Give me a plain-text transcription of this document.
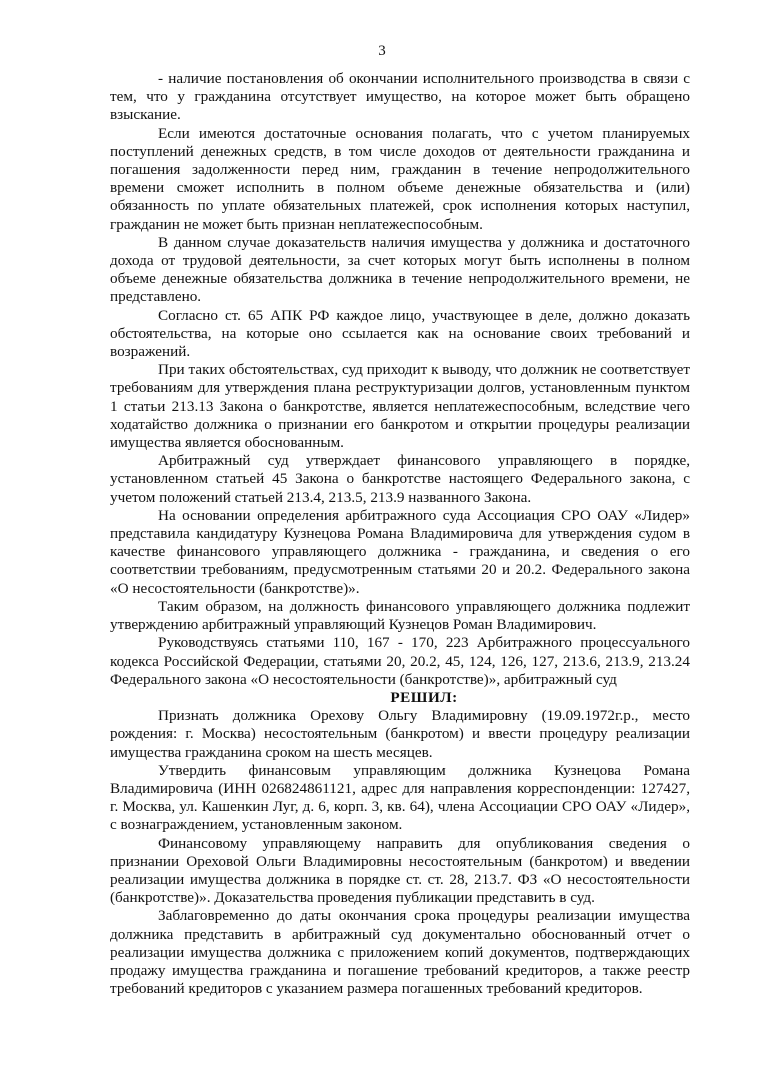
3

- наличие постановления об окончании исполнительного производства в связи с тем, что у гражданина отсутствует имущество, на которое может быть обращено взыскание.

Если имеются достаточные основания полагать, что с учетом планируемых поступлений денежных средств, в том числе доходов от деятельности гражданина и погашения задолженности перед ним, гражданин в течение непродолжительного времени сможет исполнить в полном объеме денежные обязательства и (или) обязанность по уплате обязательных платежей, срок исполнения которых наступил, гражданин не может быть признан неплатежеспособным.

В данном случае доказательств наличия имущества у должника и достаточного дохода от трудовой деятельности, за счет которых могут быть исполнены в полном объеме денежные обязательства должника в течение непродолжительного времени, не представлено.

Согласно ст. 65 АПК РФ каждое лицо, участвующее в деле, должно доказать обстоятельства, на которые оно ссылается как на основание своих требований и возражений.

При таких обстоятельствах, суд приходит к выводу, что должник не соответствует требованиям для утверждения плана реструктуризации долгов, установленным пунктом 1 статьи 213.13 Закона о банкротстве, является неплатежеспособным, вследствие чего ходатайство должника о признании его банкротом и открытии процедуры реализации имущества является обоснованным.

Арбитражный суд утверждает финансового управляющего в порядке, установленном статьей 45 Закона о банкротстве настоящего Федерального закона, с учетом положений статьей 213.4, 213.5, 213.9 названного Закона.

На основании определения арбитражного суда Ассоциация СРО ОАУ «Лидер» представила кандидатуру Кузнецова Романа Владимировича для утверждения судом в качестве финансового управляющего должника - гражданина, и сведения о его соответствии требованиям, предусмотренным статьями 20 и 20.2. Федерального закона «О несостоятельности (банкротстве)».

Таким образом, на должность финансового управляющего должника подлежит утверждению арбитражный управляющий Кузнецов Роман Владимирович.

Руководствуясь статьями 110, 167 - 170, 223 Арбитражного процессуального кодекса Российской Федерации, статьями 20, 20.2, 45, 124, 126, 127, 213.6, 213.9, 213.24 Федерального закона «О несостоятельности (банкротстве)», арбитражный суд

РЕШИЛ:

Признать должника Орехову Ольгу Владимировну (19.09.1972г.р., место рождения: г. Москва) несостоятельным (банкротом) и ввести процедуру реализации имущества гражданина сроком на шесть месяцев.

Утвердить финансовым управляющим должника Кузнецова Романа Владимировича (ИНН 026824861121, адрес для направления корреспонденции: 127427, г. Москва, ул. Кашенкин Луг, д. 6, корп. 3, кв. 64), члена Ассоциации СРО ОАУ «Лидер», с вознаграждением, установленным законом.

Финансовому управляющему направить для опубликования сведения о признании Ореховой Ольги Владимировны несостоятельным (банкротом) и введении реализации имущества должника в порядке ст. ст. 28, 213.7. ФЗ «О несостоятельности (банкротстве)». Доказательства проведения публикации представить в суд.

Заблаговременно до даты окончания срока процедуры реализации имущества должника представить в арбитражный суд документально обоснованный отчет о реализации имущества должника с приложением копий документов, подтверждающих продажу имущества гражданина и погашение требований кредиторов, а также реестр требований кредиторов с указанием размера погашенных требований кредиторов.
